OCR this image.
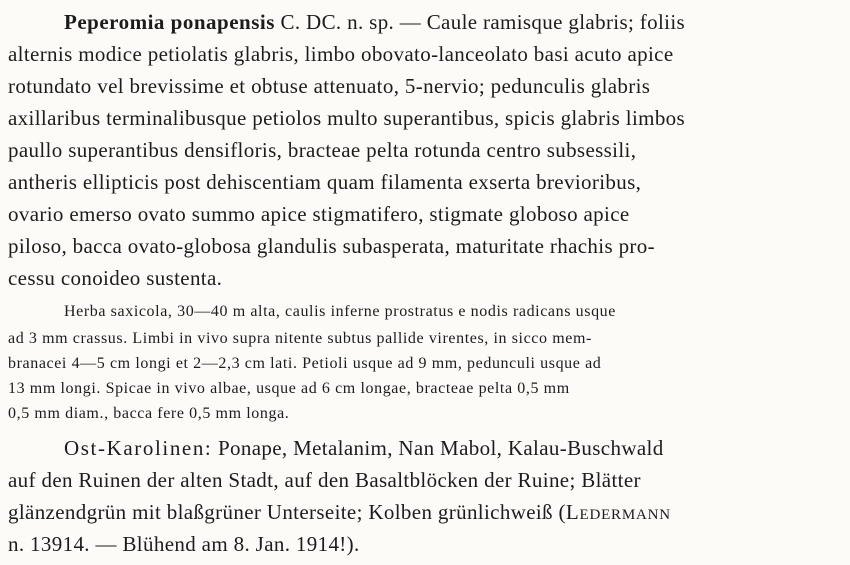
Peperomia ponapensis C. DC. n. sp. — Caule ramisque glabris; foliis
alternis modice petiolatis glabris, limbo obovato-lanceolato basi acuto apice
rotundato vel brevissime et obtuse attenuato, 5-nervio; pedunculis glabris
axillaribus terminalibusque petiolos multo superantibus, spicis glabris limbos
paullo superantibus densifloris, bracteae pelta rotunda centro subsessili,
antheris ellipticis post dehiscentiam quam filamenta exserta brevioribus,
ovario emerso ovato summo apice stigmatifero, stigmate globoso apice
piloso, bacca ovato-globosa glandulis subasperata, maturitate rhachis pro-
cessu conoideo sustenta.
Herba saxicola, 30—40 m alta, caulis inferne prostratus e nodis radicans usque
ad 3 mm crassus. Limbi in vivo supra nitente subtus pallide virentes, in sicco mem-
branacei 4—5 cm longi et 2—2,3 cm lati. Petioli usque ad 9 mm, pedunculi usque ad
13 mm longi. Spicae in vivo albae, usque ad 6 cm longae, bracteae pelta 0,5 mm
0,5 mm diam., bacca fere 0,5 mm longa.
Ost-Karolinen: Ponape, Metalanim, Nan Mabol, Kalau-Buschwald
auf den Ruinen der alten Stadt, auf den Basaltblöcken der Ruine; Blätter
glänzendgrün mit blaßgrüner Unterseite; Kolben grünlichweiß (Ledermann
n. 13914. — Blühend am 8. Jan. 1914!).
